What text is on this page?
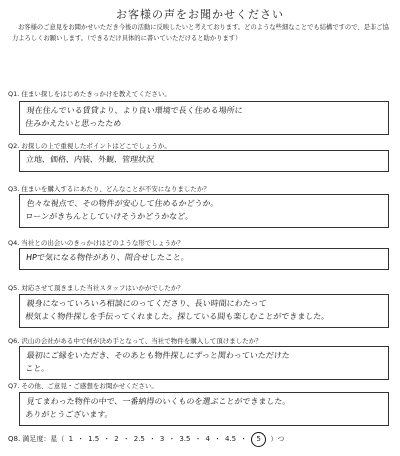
お客様の声をお聞かせください
お客様のご意見をお聞かせいただき今後の活動に反映したいと考えております。どのような些細なことでも結構ですので、是非ご協力よろしくお願いします。（できるだけ具体的に書いていただけると助かります）
Q1. 住まい探しをはじめたきっかけを教えてください。
現在住んでいる賃貸より、より良い環境で長く住める場所に
住みかえたいと思ったため
Q2. お探しの上で重視したポイントはどこでしょうか。
立地、価格、内装、外観、管理状況
Q3. 住まいを購入するにあたり、どんなことが不安になりましたか？
色々な視点で、その物件が安心して住めるかどうか。
ローンがきちんとしていけそうかどうかなど。
Q4. 当社との出会いのきっかけはどのような形でしょうか？
HPで気になる物件があり、問合せしたこと。
Q5. 対応させて頂きました当社スタッフはいかがでしたか？
親身になっていろいろ相談にのってくださり、長い時間にわたって
根気よく物件探しを手伝ってくれました。探している間も楽しむことができました。
Q6. 沢山の会社がある中で何が決め手となって、当社で物件を購入して頂けましたか？
最初にご縁をいただき、そのあとも物件探しにずっと関わっていただけた
こと。
Q7. その他、ご意見・ご感想をお聞かせください。
見てまわった物件の中で、一番納得のいくものを選ぶことができました。
ありがとうございます。
Q8. 満足度：星（ 1 ・ 1.5 ・ 2 ・ 2.5 ・ 3 ・ 3.5 ・ 4 ・ 4.5 ・ 5 ）つ
